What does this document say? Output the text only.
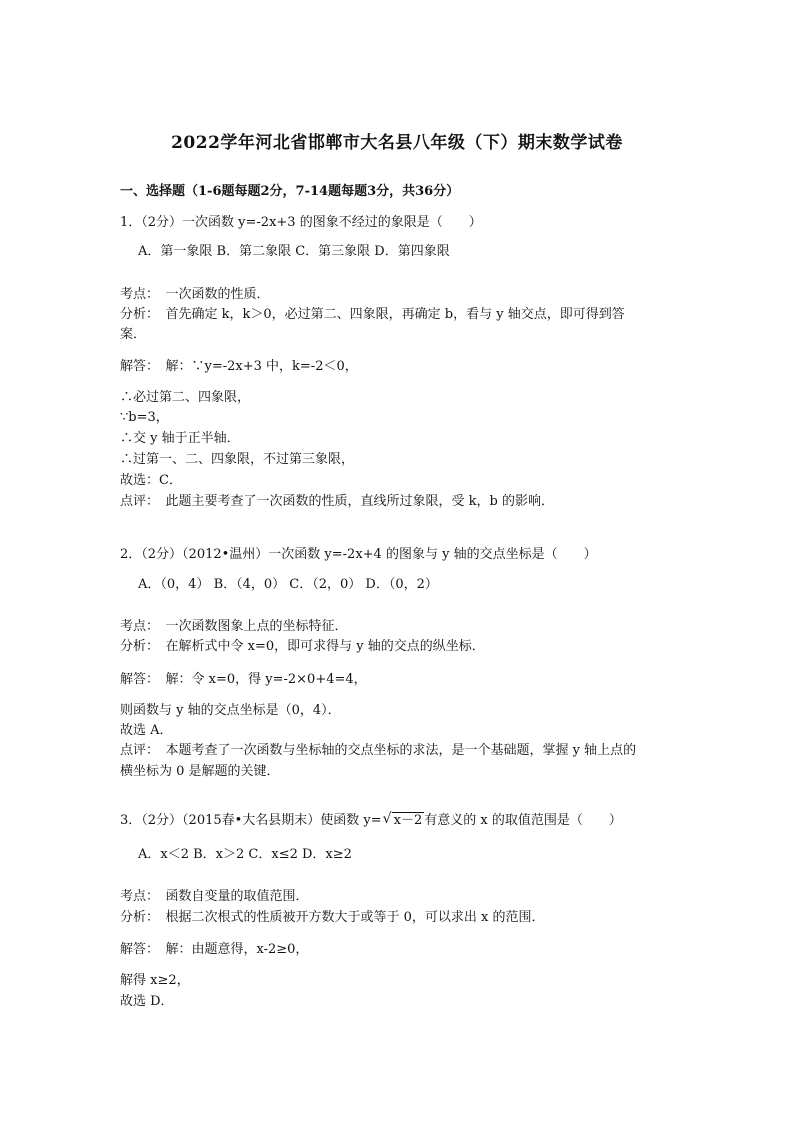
2022学年河北省邯郸市大名县八年级（下）期末数学试卷
一、选择题（1-6题每题2分，7-14题每题3分，共36分）
1．（2分）一次函数 y=-2x+3 的图象不经过的象限是（　　）
A．第一象限 B．第二象限 C．第三象限 D．第四象限
考点：　一次函数的性质．
分析：　首先确定 k，k＞0，必过第二、四象限，再确定 b，看与 y 轴交点，即可得到答
案．
解答：　解：∵y=-2x+3 中，k=-2＜0，
∴必过第二、四象限，
∵b=3，
∴交 y 轴于正半轴．
∴过第一、二、四象限，不过第三象限，
故选：C．
点评：　此题主要考查了一次函数的性质，直线所过象限，受 k，b 的影响．
2．（2分）（2012•温州）一次函数 y=-2x+4 的图象与 y 轴的交点坐标是（　　）
A．（0，4） B．（4，0） C．（2，0） D．（0，2）
考点：　一次函数图象上点的坐标特征．
分析：　在解析式中令 x=0，即可求得与 y 轴的交点的纵坐标．
解答：　解：令 x=0，得 y=-2×0+4=4，
则函数与 y 轴的交点坐标是（0，4）．
故选 A．
点评：　本题考查了一次函数与坐标轴的交点坐标的求法，是一个基础题，掌握 y 轴上点的
横坐标为 0 是解题的关键．
3．（2分）（2015春•大名县期末）使函数 y= √ x－2 有意义的 x 的取值范围是（　　）
A．x＜2 B．x＞2 C．x≤2 D．x≥2
考点：　函数自变量的取值范围．
分析：　根据二次根式的性质被开方数大于或等于 0，可以求出 x 的范围．
解答：　解：由题意得，x-2≥0，
解得 x≥2，
故选 D．
